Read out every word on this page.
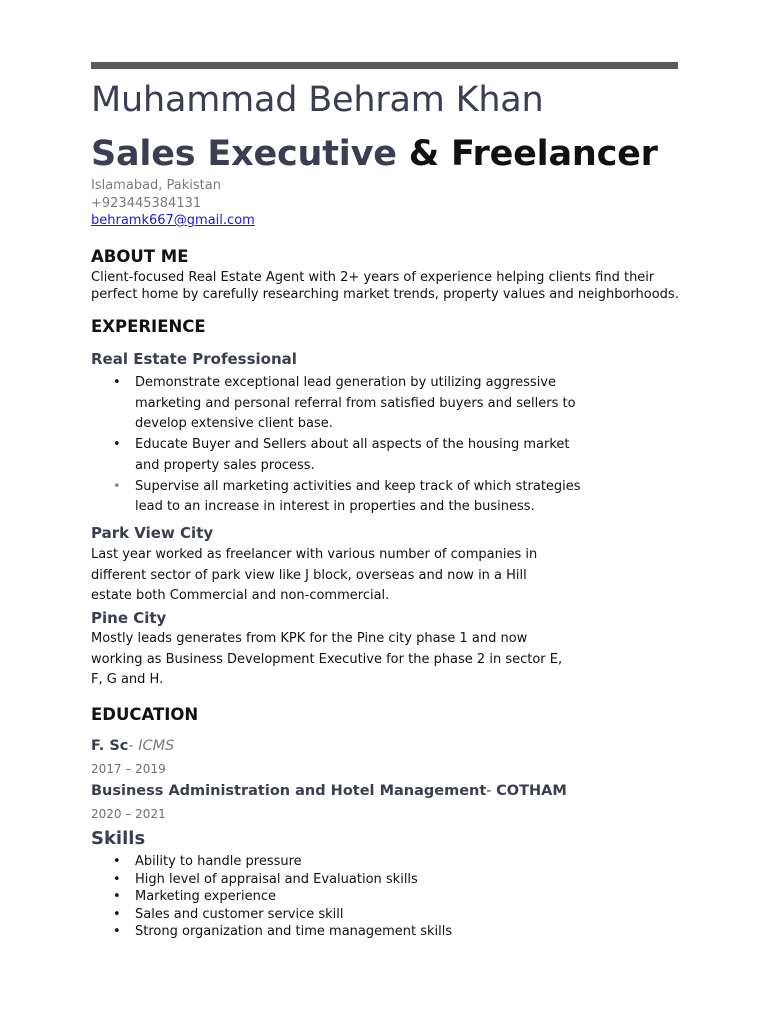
Muhammad Behram Khan
Sales Executive & Freelancer

Islamabad, Pakistan

+923445384131

behramk667@gmail.com

ABOUT ME

Client-focused Real Estate Agent with 2+ years of experience helping clients find their perfect home by carefully researching market trends, property values and neighborhoods.

EXPERIENCE
Real Estate Professional
• Demonstrate exceptional lead generation by utilizing aggressive marketing and personal referral from satisfied buyers and sellers to develop extensive client base.
• Educate Buyer and Sellers about all aspects of the housing market and property sales process.
• Supervise all marketing activities and keep track of which strategies lead to an increase in interest in properties and the business.
Park View City

Last year worked as freelancer with various number of companies in different sector of park view like J block, overseas and now in a Hill estate both Commercial and non-commercial.

Pine City

Mostly leads generates from KPK for the Pine city phase 1 and now working as Business Development Executive for the phase 2 in sector E, F, G and H.

EDUCATION

F. Sc- ICMS

2017 – 2019

Business Administration and Hotel Management- COTHAM

2020 – 2021

Skills
• Ability to handle pressure
• High level of appraisal and Evaluation skills
• Marketing experience
• Sales and customer service skill
• Strong organization and time management skills
